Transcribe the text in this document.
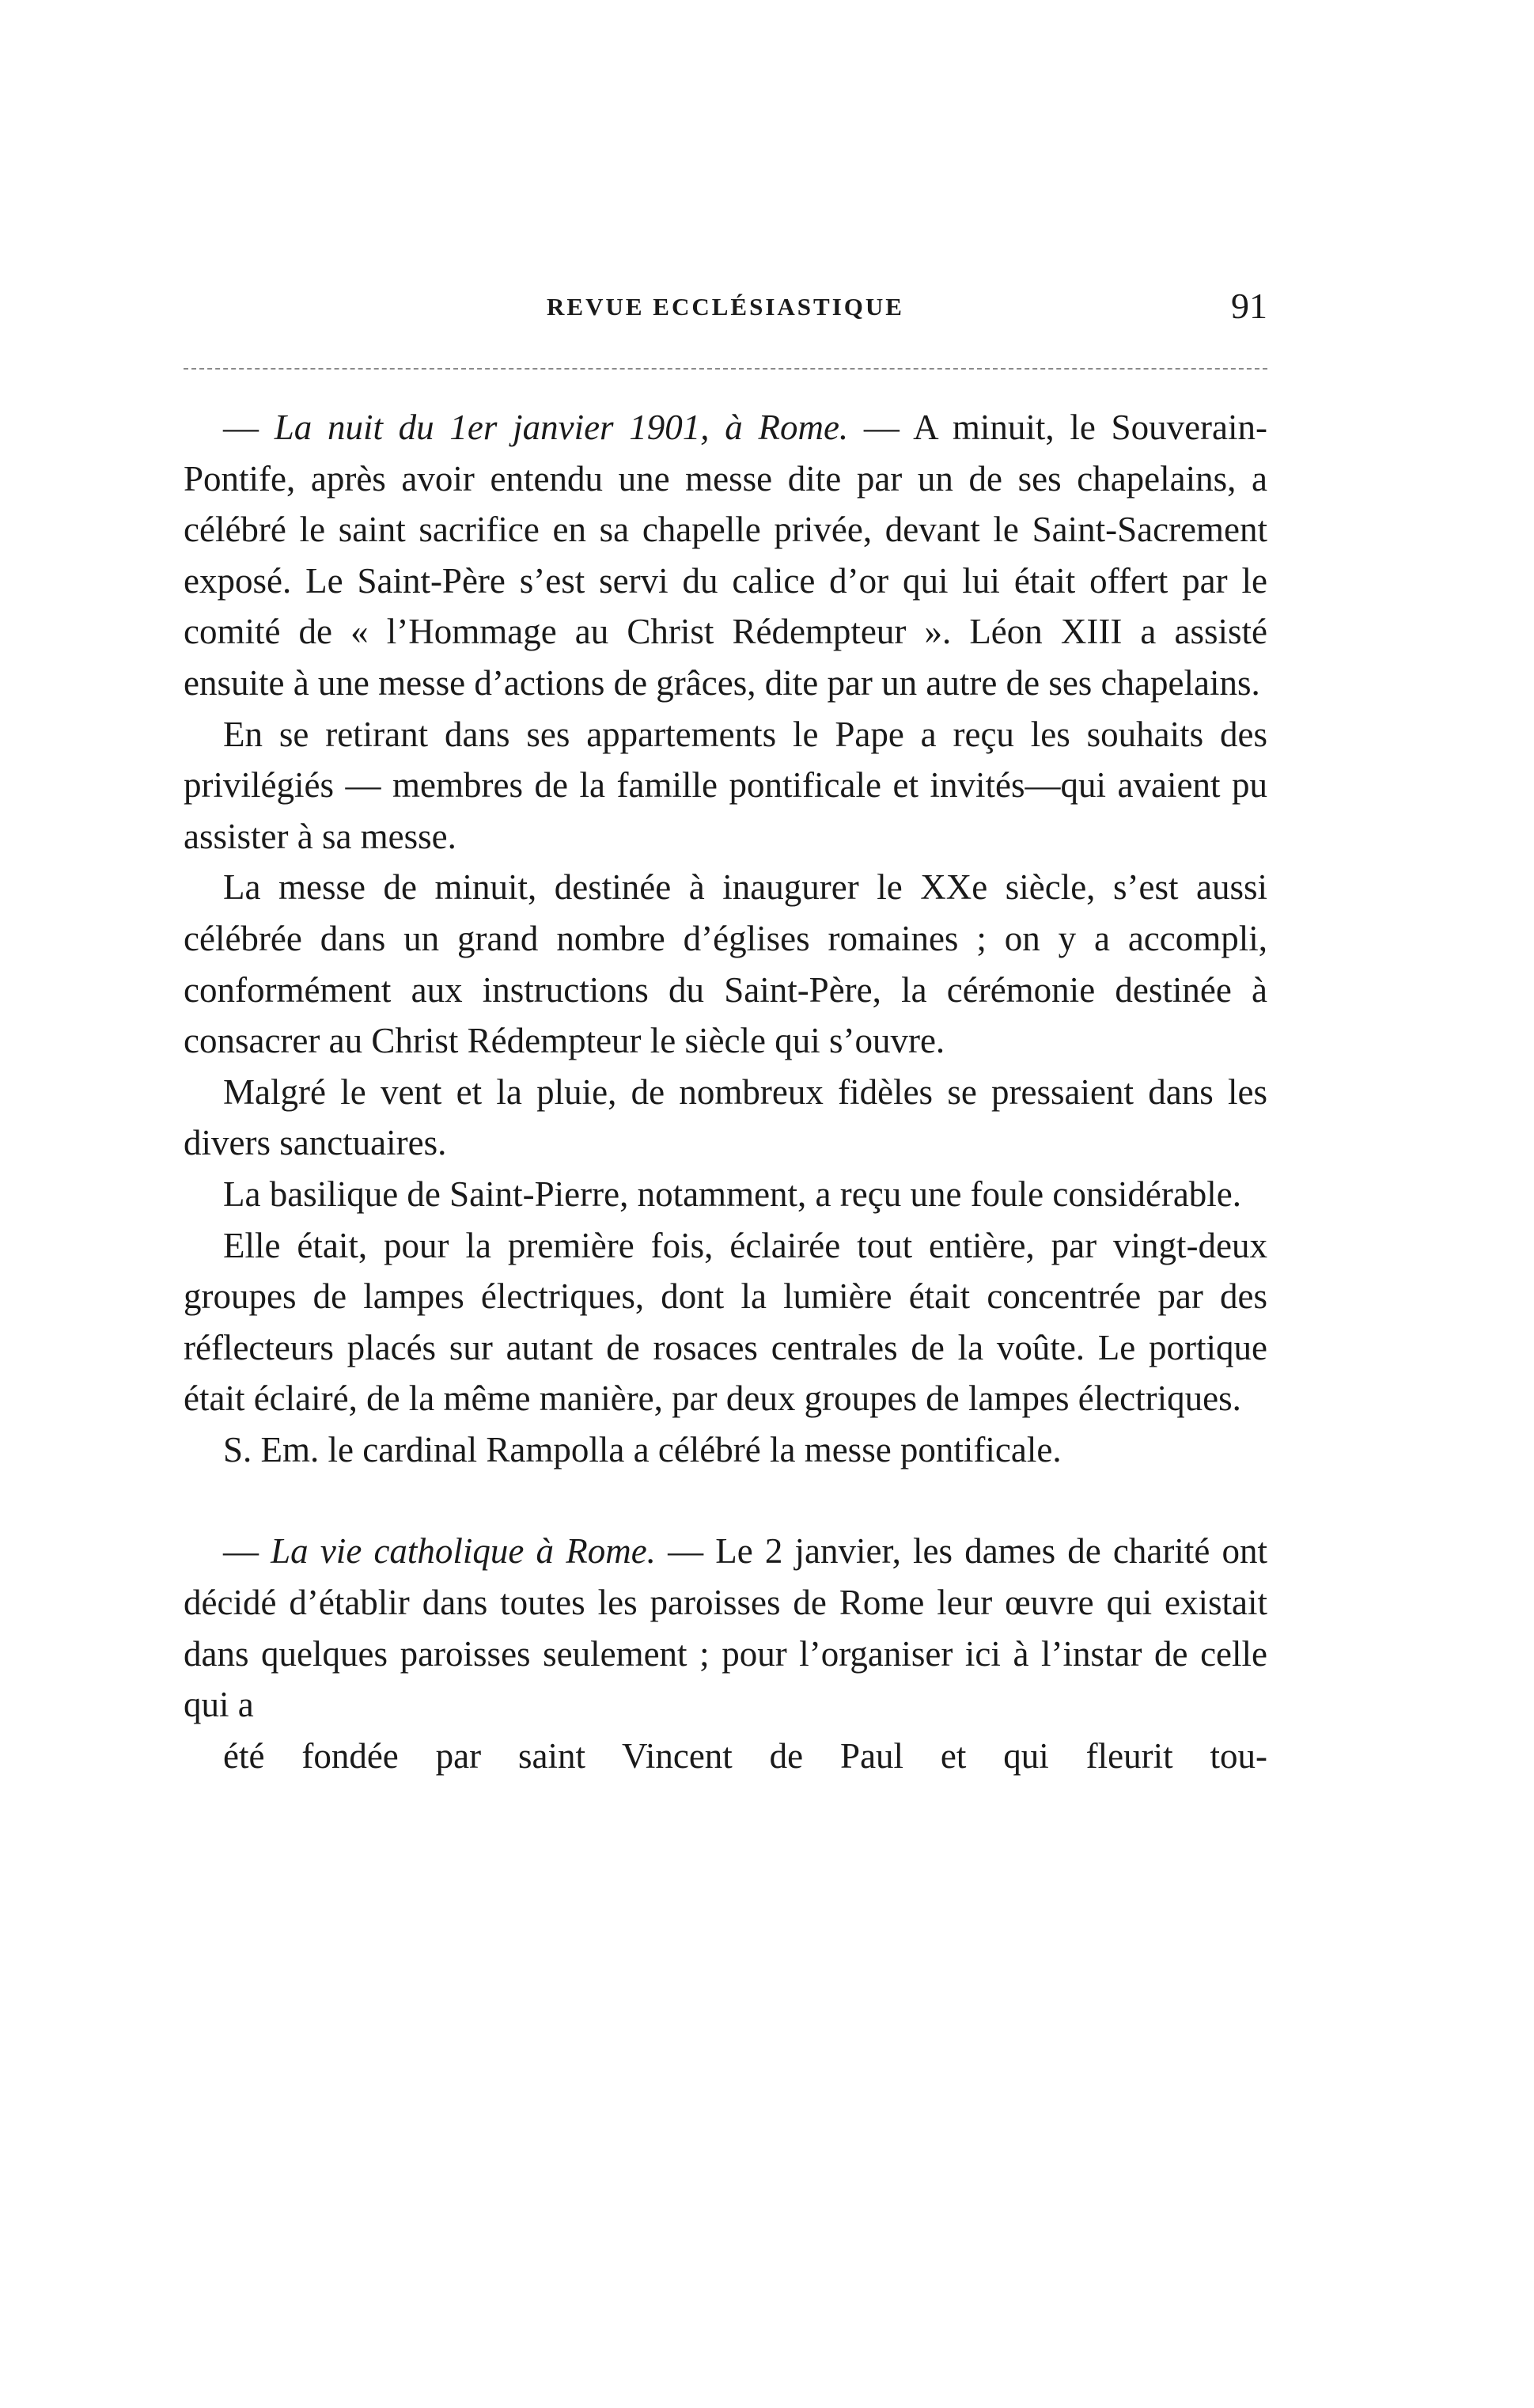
REVUE ECCLÉSIASTIQUE	91

— La nuit du 1er janvier 1901, à Rome. — A minuit, le Souverain-Pontife, après avoir entendu une messe dite par un de ses chapelains, a célébré le saint sacrifice en sa chapelle privée, devant le Saint-Sacrement exposé. Le Saint-Père s’est servi du calice d’or qui lui était offert par le comité de « l’Hommage au Christ Rédempteur ». Léon XIII a assisté ensuite à une messe d’actions de grâces, dite par un autre de ses chapelains.

En se retirant dans ses appartements le Pape a reçu les souhaits des privilégiés — membres de la famille pontificale et invités—qui avaient pu assister à sa messe.

La messe de minuit, destinée à inaugurer le XXe siècle, s’est aussi célébrée dans un grand nombre d’églises romaines ; on y a accompli, conformément aux instructions du Saint-Père, la cérémonie destinée à consacrer au Christ Rédempteur le siècle qui s’ouvre.

Malgré le vent et la pluie, de nombreux fidèles se pressaient dans les divers sanctuaires.

La basilique de Saint-Pierre, notamment, a reçu une foule considérable.

Elle était, pour la première fois, éclairée tout entière, par vingt-deux groupes de lampes électriques, dont la lumière était concentrée par des réflecteurs placés sur autant de rosaces centrales de la voûte. Le portique était éclairé, de la même manière, par deux groupes de lampes électriques.

S. Em. le cardinal Rampolla a célébré la messe pontificale.

— La vie catholique à Rome. — Le 2 janvier, les dames de charité ont décidé d’établir dans toutes les paroisses de Rome leur œuvre qui existait dans quelques paroisses seulement ; pour l’organiser ici à l’instar de celle qui a
été fondée par saint Vincent de Paul et qui fleurit tou-
